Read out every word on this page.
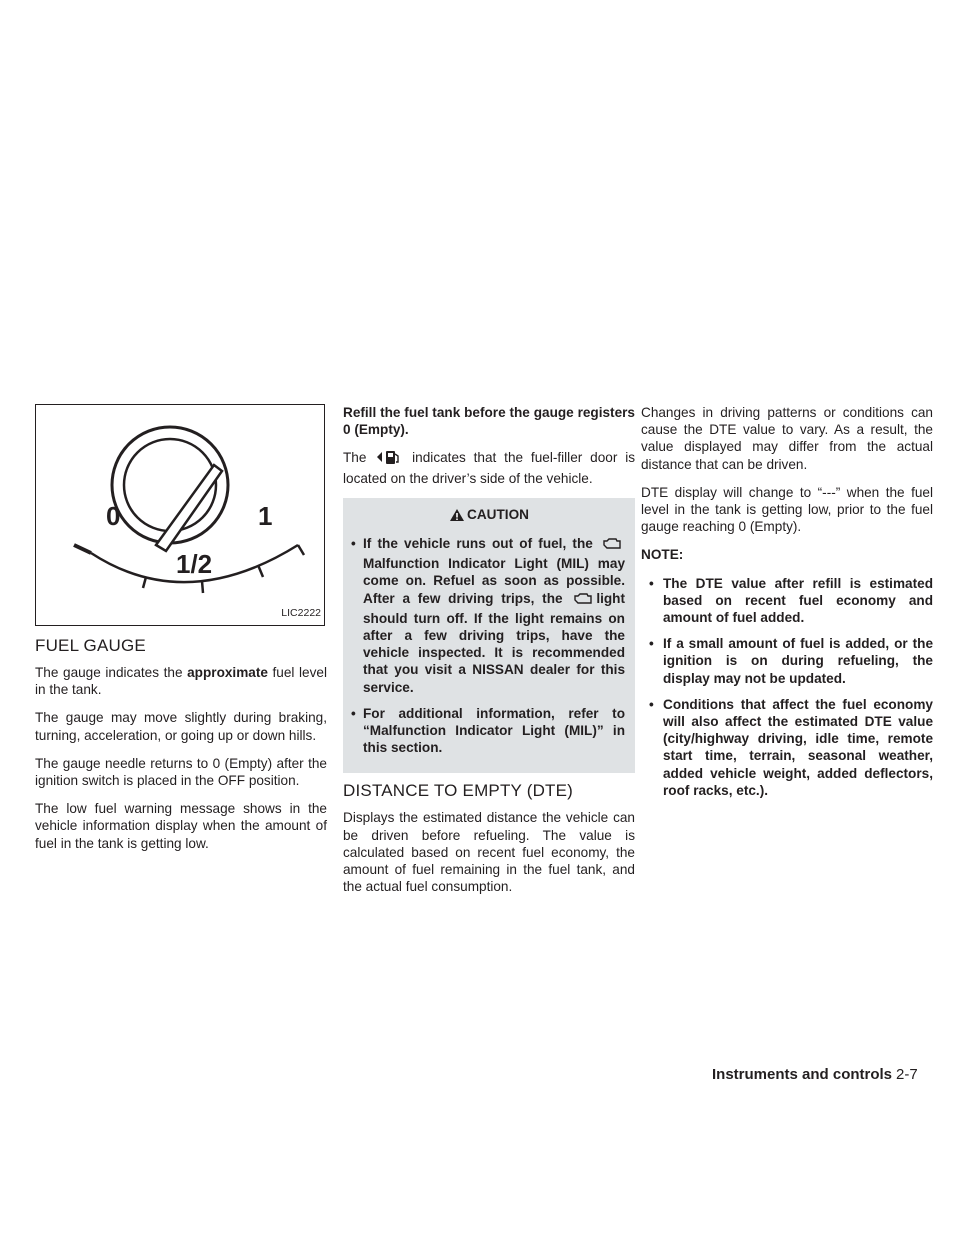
0
1/2
1
LIC2222
FUEL GAUGE

The gauge indicates the approximate fuel level in the tank.

The gauge may move slightly during braking, turning, acceleration, or going up or down hills.

The gauge needle returns to 0 (Empty) after the ignition switch is placed in the OFF position.

The low fuel warning message shows in the vehicle information display when the amount of fuel in the tank is getting low.

Refill the fuel tank before the gauge registers 0 (Empty).

The	indicates that the fuel-filler door is located on the driver’s side of the vehicle.

CAUTION
• If the vehicle runs out of fuel, the Malfunction Indicator Light (MIL) may come on. Refuel as soon as possible. After a few driving trips, the light should turn off. If the light remains on after a few driving trips, have the vehicle inspected. It is recommended that you visit a NISSAN dealer for this service.
• For additional information, refer to “Malfunction Indicator Light (MIL)” in this section.
DISTANCE TO EMPTY (DTE)

Displays the estimated distance the vehicle can be driven before refueling. The value is calculated based on recent fuel economy, the amount of fuel remaining in the fuel tank, and the actual fuel consumption.

Changes in driving patterns or conditions can cause the DTE value to vary. As a result, the value displayed may differ from the actual distance that can be driven.

DTE display will change to “---” when the fuel level in the tank is getting low, prior to the fuel gauge reaching 0 (Empty).

NOTE:

• The DTE value after refill is estimated based on recent fuel economy and amount of fuel added.
• If a small amount of fuel is added, or the ignition is on during refueling, the display may not be updated.
• Conditions that affect the fuel economy will also affect the estimated DTE value (city/highway driving, idle time, remote start time, terrain, seasonal weather, added vehicle weight, added deflectors, roof racks, etc.).
Instruments and controls 2-7
